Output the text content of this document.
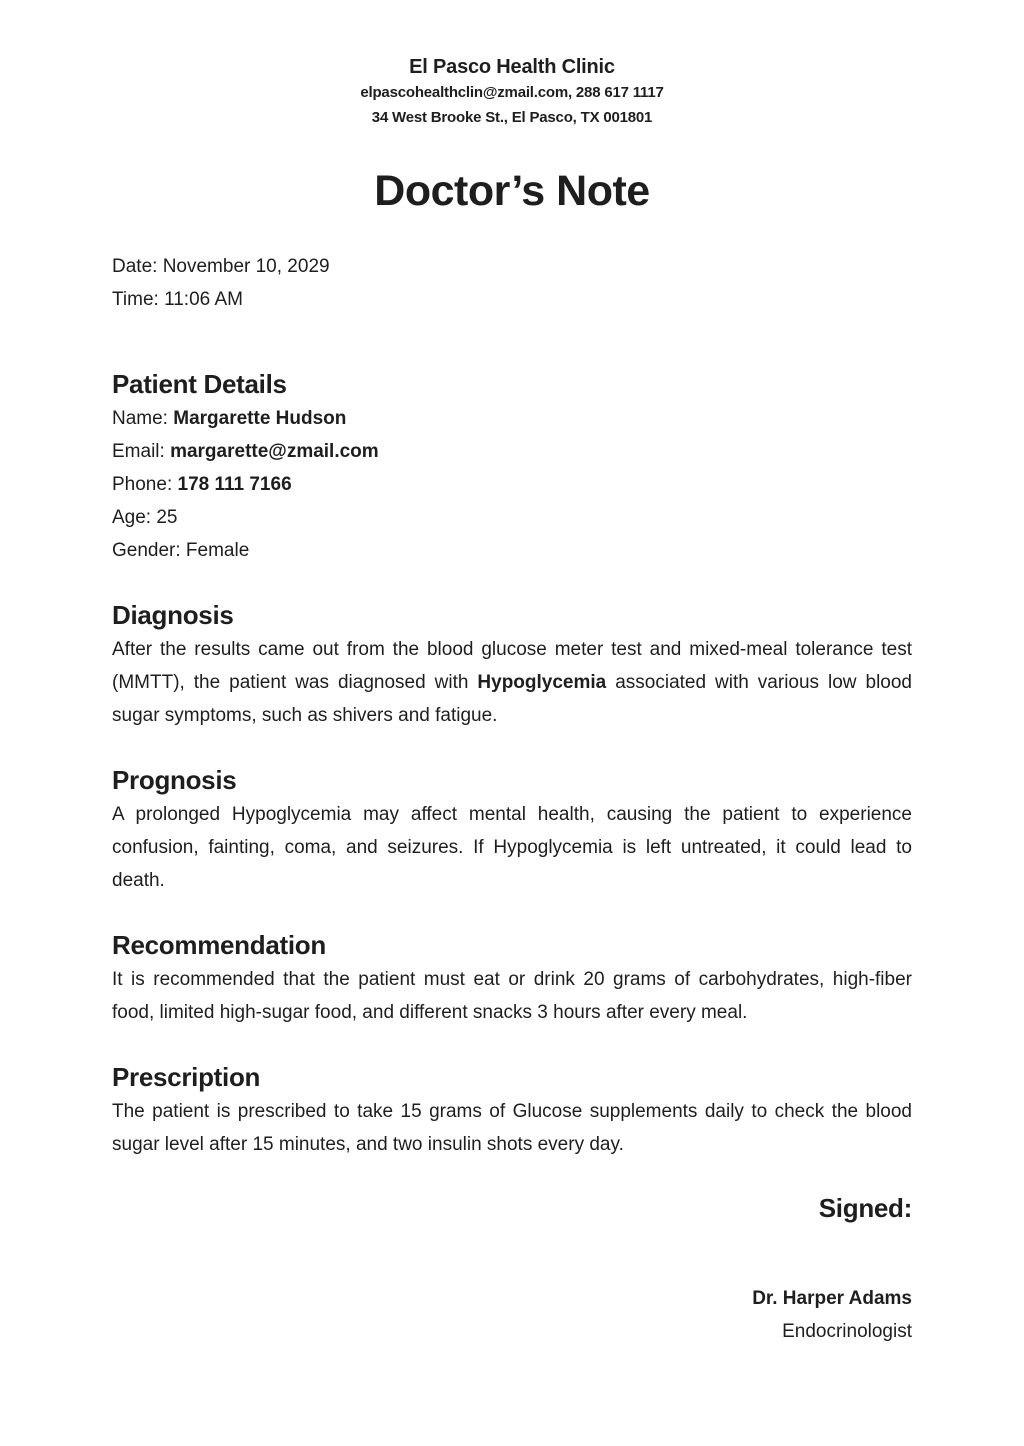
El Pasco Health Clinic
elpascohealthclin@zmail.com, 288 617 1117
34 West Brooke St., El Pasco, TX 001801
Doctor’s Note
Date: November 10, 2029
Time: 11:06 AM
Patient Details
Name: Margarette Hudson
Email: margarette@zmail.com
Phone: 178 111 7166
Age: 25
Gender: Female
Diagnosis

After the results came out from the blood glucose meter test and mixed-meal tolerance test (MMTT), the patient was diagnosed with Hypoglycemia associated with various low blood sugar symptoms, such as shivers and fatigue.

Prognosis

A prolonged Hypoglycemia may affect mental health, causing the patient to experience confusion, fainting, coma, and seizures. If Hypoglycemia is left untreated, it could lead to death.

Recommendation

It is recommended that the patient must eat or drink 20 grams of carbohydrates, high-fiber food, limited high-sugar food, and different snacks 3 hours after every meal.

Prescription

The patient is prescribed to take 15 grams of Glucose supplements daily to check the blood sugar level after 15 minutes, and two insulin shots every day.

Signed:
Dr. Harper Adams
Endocrinologist
